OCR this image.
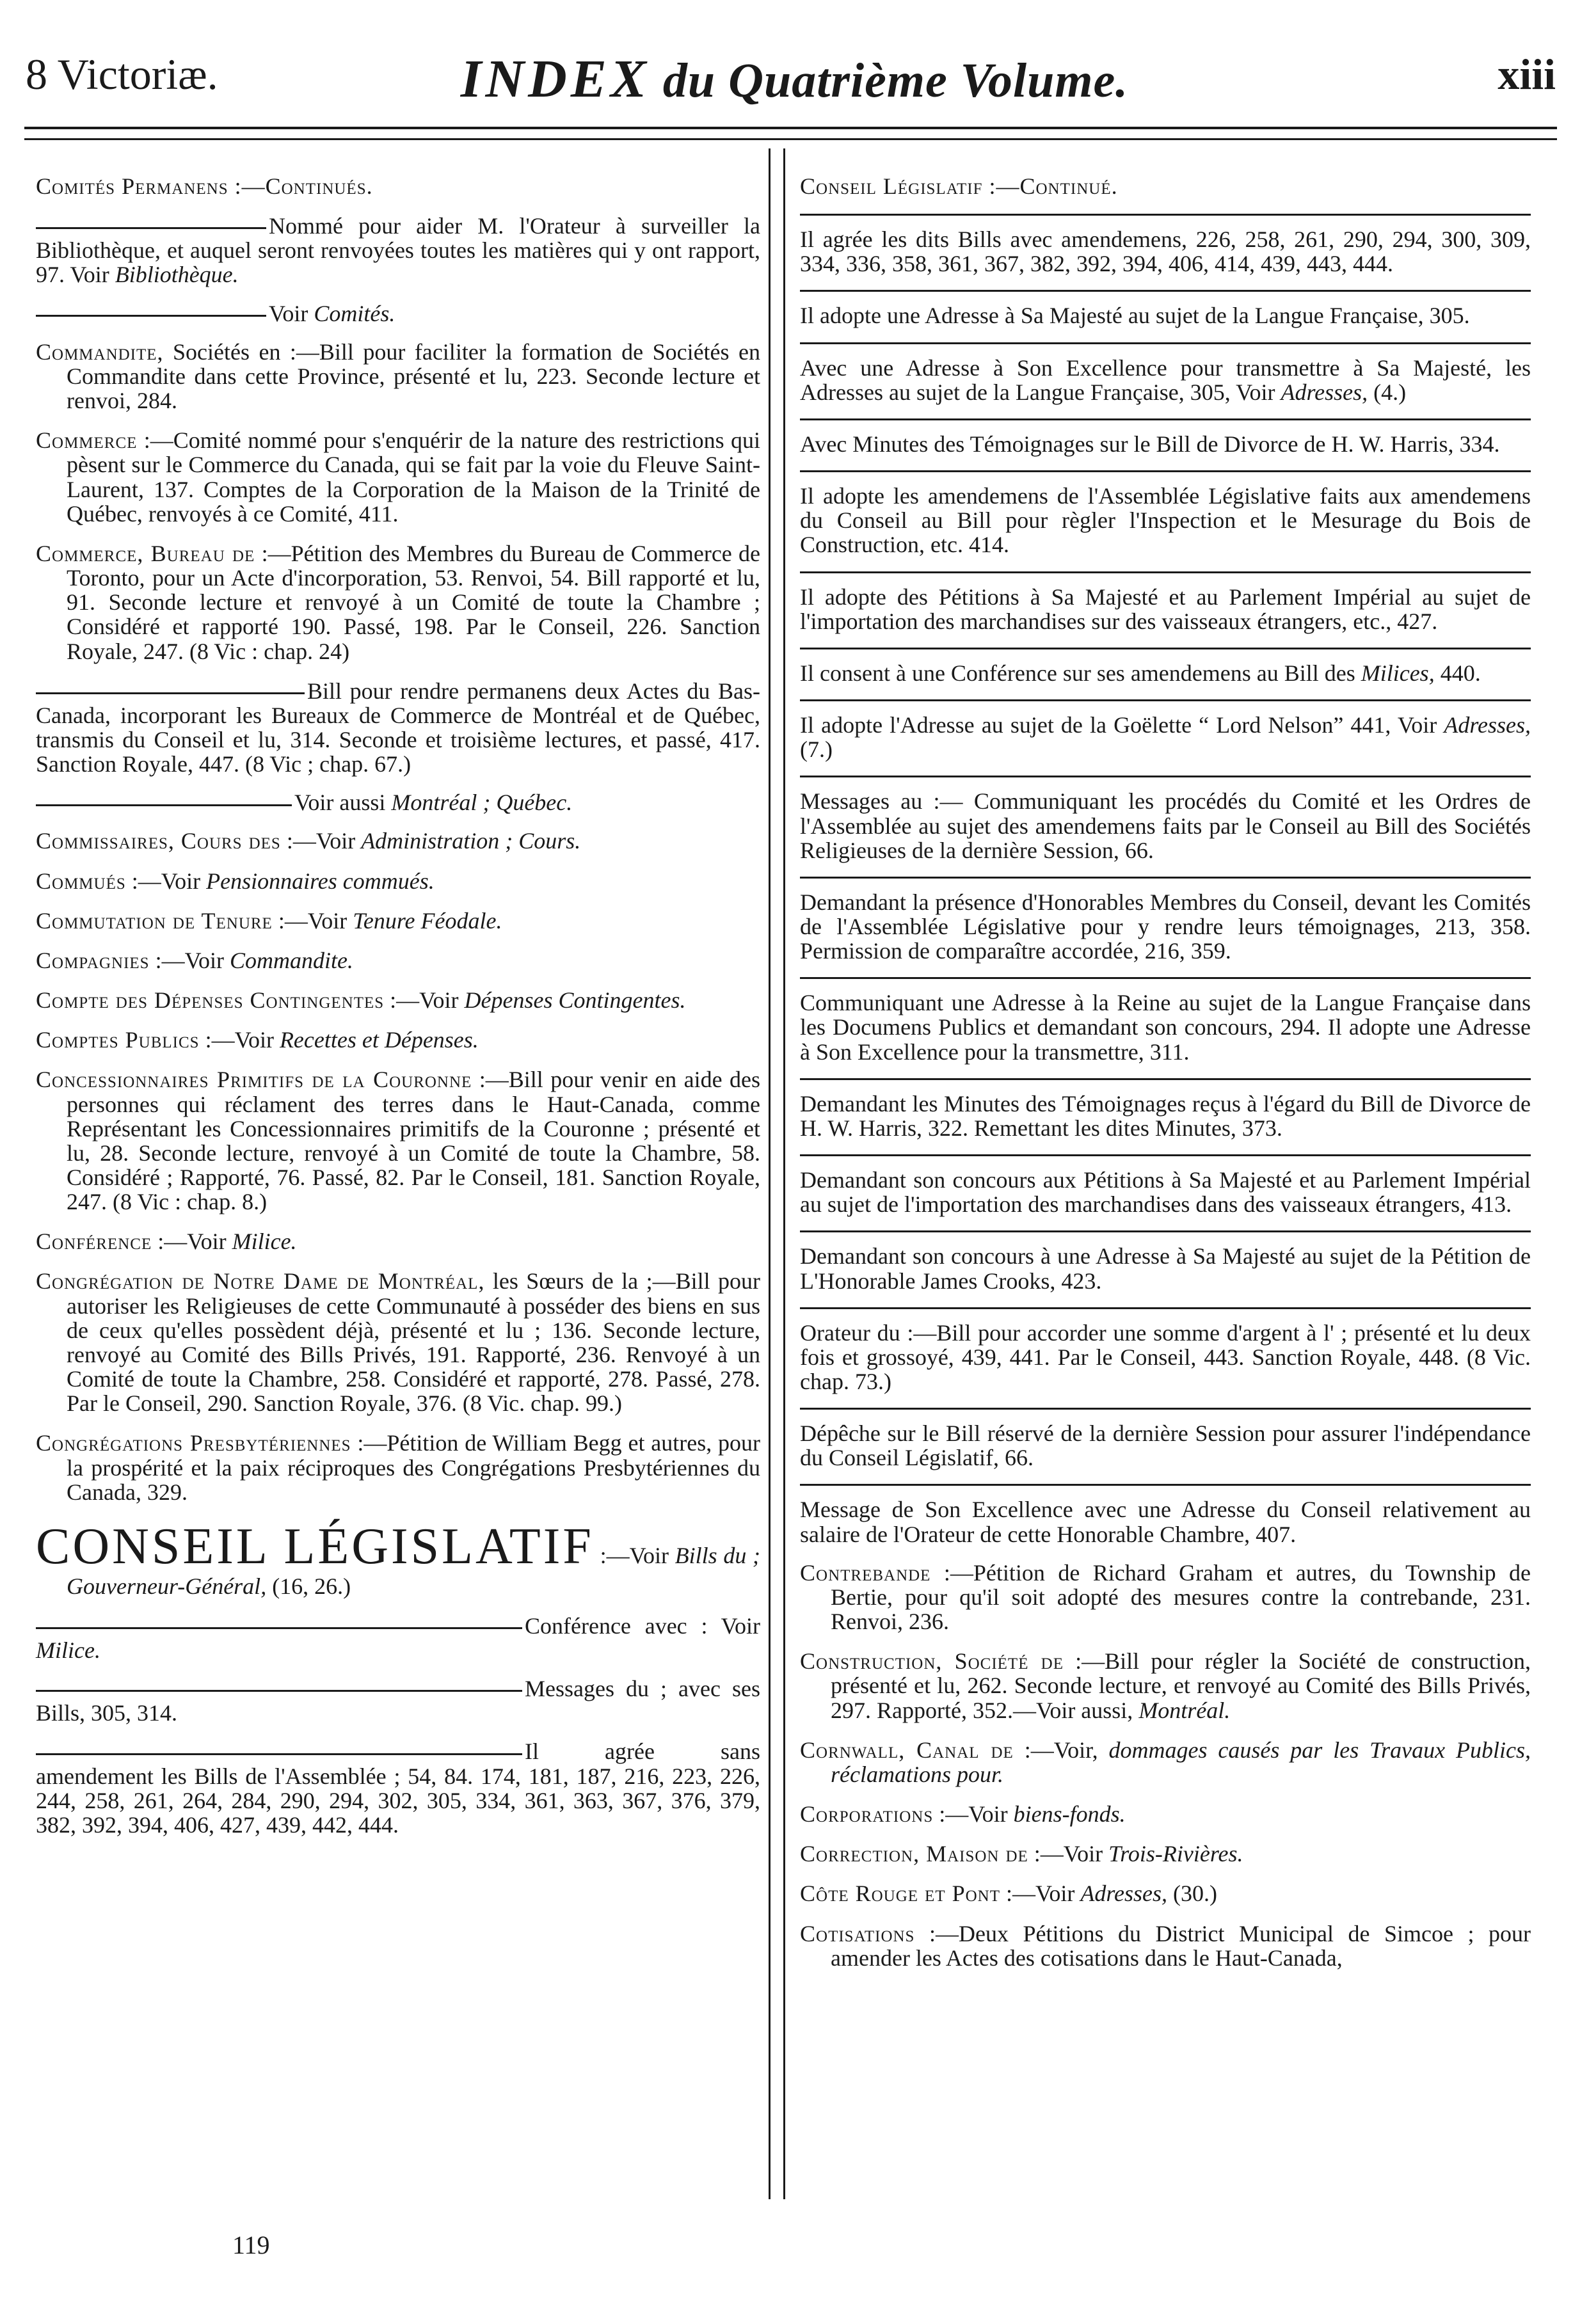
8 Victoriæ.	INDEX du Quatrième Volume.	xiii

Comités Permanens :—Continués.

Nommé pour aider M. l'Orateur à surveiller la Bibliothèque, et auquel seront renvoyées toutes les matières qui y ont rapport, 97. Voir Bibliothèque.

Voir Comités.

Commandite, Sociétés en :—Bill pour faciliter la formation de Sociétés en Commandite dans cette Province, présenté et lu, 223. Seconde lecture et renvoi, 284.

Commerce :—Comité nommé pour s'enquérir de la nature des restrictions qui pèsent sur le Commerce du Canada, qui se fait par la voie du Fleuve Saint-Laurent, 137. Comptes de la Corporation de la Maison de la Trinité de Québec, renvoyés à ce Comité, 411.

Commerce, Bureau de :—Pétition des Membres du Bureau de Commerce de Toronto, pour un Acte d'incorporation, 53. Renvoi, 54. Bill rapporté et lu, 91. Seconde lecture et renvoyé à un Comité de toute la Chambre ; Considéré et rapporté 190. Passé, 198. Par le Conseil, 226. Sanction Royale, 247. (8 Vic : chap. 24)

Bill pour rendre permanens deux Actes du Bas-Canada, incorporant les Bureaux de Commerce de Montréal et de Québec, transmis du Conseil et lu, 314. Seconde et troisième lectures, et passé, 417. Sanction Royale, 447. (8 Vic ; chap. 67.)

Voir aussi Montréal ; Québec.

Commissaires, Cours des :—Voir Administration ; Cours.

Commués :—Voir Pensionnaires commués.

Commutation de Tenure :—Voir Tenure Féodale.

Compagnies :—Voir Commandite.

Compte des Dépenses Contingentes :—Voir Dépenses Contingentes.

Comptes Publics :—Voir Recettes et Dépenses.

Concessionnaires Primitifs de la Couronne :—Bill pour venir en aide des personnes qui réclament des terres dans le Haut-Canada, comme Représentant les Concessionnaires primitifs de la Couronne ; présenté et lu, 28. Seconde lecture, renvoyé à un Comité de toute la Chambre, 58. Considéré ; Rapporté, 76. Passé, 82. Par le Conseil, 181. Sanction Royale, 247. (8 Vic : chap. 8.)

Conférence :—Voir Milice.

Congrégation de Notre Dame de Montréal, les Sœurs de la ;—Bill pour autoriser les Religieuses de cette Communauté à posséder des biens en sus de ceux qu'elles possèdent déjà, présenté et lu ; 136. Seconde lecture, renvoyé au Comité des Bills Privés, 191. Rapporté, 236. Renvoyé à un Comité de toute la Chambre, 258. Considéré et rapporté, 278. Passé, 278. Par le Conseil, 290. Sanction Royale, 376. (8 Vic. chap. 99.)

Congrégations Presbytériennes :—Pétition de William Begg et autres, pour la prospérité et la paix réciproques des Congrégations Presbytériennes du Canada, 329.

CONSEIL LÉGISLATIF :—Voir Bills du ; Gouverneur-Général, (16, 26.)

Conférence avec : Voir Milice.

Messages du ; avec ses Bills, 305, 314.

Il agrée sans amendement les Bills de l'Assemblée ; 54, 84. 174, 181, 187, 216, 223, 226, 244, 258, 261, 264, 284, 290, 294, 302, 305, 334, 361, 363, 367, 376, 379, 382, 392, 394, 406, 427, 439, 442, 444.

Conseil Législatif :—Continué.

Il agrée les dits Bills avec amendemens, 226, 258, 261, 290, 294, 300, 309, 334, 336, 358, 361, 367, 382, 392, 394, 406, 414, 439, 443, 444.

Il adopte une Adresse à Sa Majesté au sujet de la Langue Française, 305.

Avec une Adresse à Son Excellence pour transmettre à Sa Majesté, les Adresses au sujet de la Langue Française, 305, Voir Adresses, (4.)

Avec Minutes des Témoignages sur le Bill de Divorce de H. W. Harris, 334.

Il adopte les amendemens de l'Assemblée Législative faits aux amendemens du Conseil au Bill pour règler l'Inspection et le Mesurage du Bois de Construction, etc. 414.

Il adopte des Pétitions à Sa Majesté et au Parlement Impérial au sujet de l'importation des marchandises sur des vaisseaux étrangers, etc., 427.

Il consent à une Conférence sur ses amendemens au Bill des Milices, 440.

Il adopte l'Adresse au sujet de la Goëlette “ Lord Nelson” 441, Voir Adresses, (7.)

Messages au :— Communiquant les procédés du Comité et les Ordres de l'Assemblée au sujet des amendemens faits par le Conseil au Bill des Sociétés Religieuses de la dernière Session, 66.

Demandant la présence d'Honorables Membres du Conseil, devant les Comités de l'Assemblée Législative pour y rendre leurs témoignages, 213, 358. Permission de comparaître accordée, 216, 359.

Communiquant une Adresse à la Reine au sujet de la Langue Française dans les Documens Publics et demandant son concours, 294. Il adopte une Adresse à Son Excellence pour la transmettre, 311.

Demandant les Minutes des Témoignages reçus à l'égard du Bill de Divorce de H. W. Harris, 322. Remettant les dites Minutes, 373.

Demandant son concours aux Pétitions à Sa Majesté et au Parlement Impérial au sujet de l'importation des marchandises dans des vaisseaux étrangers, 413.

Demandant son concours à une Adresse à Sa Majesté au sujet de la Pétition de L'Honorable James Crooks, 423.

Orateur du :—Bill pour accorder une somme d'argent à l' ; présenté et lu deux fois et grossoyé, 439, 441. Par le Conseil, 443. Sanction Royale, 448. (8 Vic. chap. 73.)

Dépêche sur le Bill réservé de la dernière Session pour assurer l'indépendance du Conseil Législatif, 66.

Message de Son Excellence avec une Adresse du Conseil relativement au salaire de l'Orateur de cette Honorable Chambre, 407.

Contrebande :—Pétition de Richard Graham et autres, du Township de Bertie, pour qu'il soit adopté des mesures contre la contrebande, 231. Renvoi, 236.

Construction, Société de :—Bill pour régler la Société de construction, présenté et lu, 262. Seconde lecture, et renvoyé au Comité des Bills Privés, 297. Rapporté, 352.—Voir aussi, Montréal.

Cornwall, Canal de :—Voir, dommages causés par les Travaux Publics, réclamations pour.

Corporations :—Voir biens-fonds.

Correction, Maison de :—Voir Trois-Rivières.

Côte Rouge et Pont :—Voir Adresses, (30.)

Cotisations :—Deux Pétitions du District Municipal de Simcoe ; pour amender les Actes des cotisations dans le Haut-Canada,

119
